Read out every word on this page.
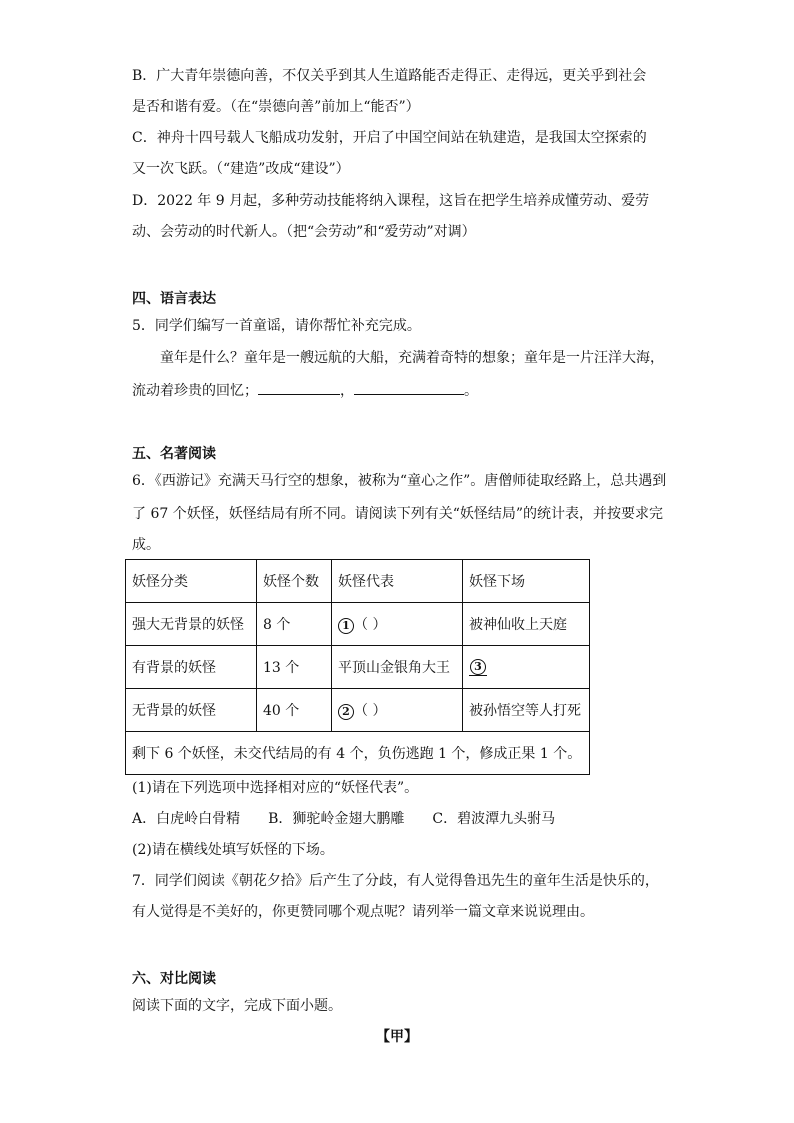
B．广大青年崇德向善，不仅关乎到其人生道路能否走得正、走得远，更关乎到社会
是否和谐有爱。（在“崇德向善”前加上“能否”）
C．神舟十四号载人飞船成功发射，开启了中国空间站在轨建造，是我国太空探索的
又一次飞跃。（“建造”改成“建设”）
D．2022 年 9 月起，多种劳动技能将纳入课程，这旨在把学生培养成懂劳动、爱劳
动、会劳动的时代新人。（把“会劳动”和“爱劳动”对调）
四、语言表达
5．同学们编写一首童谣，请你帮忙补充完成。
童年是什么？童年是一艘远航的大船，充满着奇特的想象；童年是一片汪洋大海，
流动着珍贵的回忆；	，	。
五、名著阅读
6．《西游记》充满天马行空的想象，被称为“童心之作”。唐僧师徒取经路上，总共遇到
了 67 个妖怪，妖怪结局有所不同。请阅读下列有关“妖怪结局”的统计表，并按要求完
成。
妖怪分类	妖怪个数	妖怪代表	妖怪下场
强大无背景的妖怪	8 个	1 （ ）	被神仙收上天庭
有背景的妖怪	13 个	平顶山金银角大王	3
无背景的妖怪	40 个	2 （ ）	被孙悟空等人打死
剩下 6 个妖怪，未交代结局的有 4 个，负伤逃跑 1 个，修成正果 1 个。			
(1)请在下列选项中选择相对应的“妖怪代表”。
A．白虎岭白骨精　　B．狮驼岭金翅大鹏雕　　C．碧波潭九头驸马
(2)请在横线处填写妖怪的下场。
7．同学们阅读《朝花夕拾》后产生了分歧，有人觉得鲁迅先生的童年生活是快乐的，
有人觉得是不美好的，你更赞同哪个观点呢？请列举一篇文章来说说理由。
六、对比阅读
阅读下面的文字，完成下面小题。
【甲】
